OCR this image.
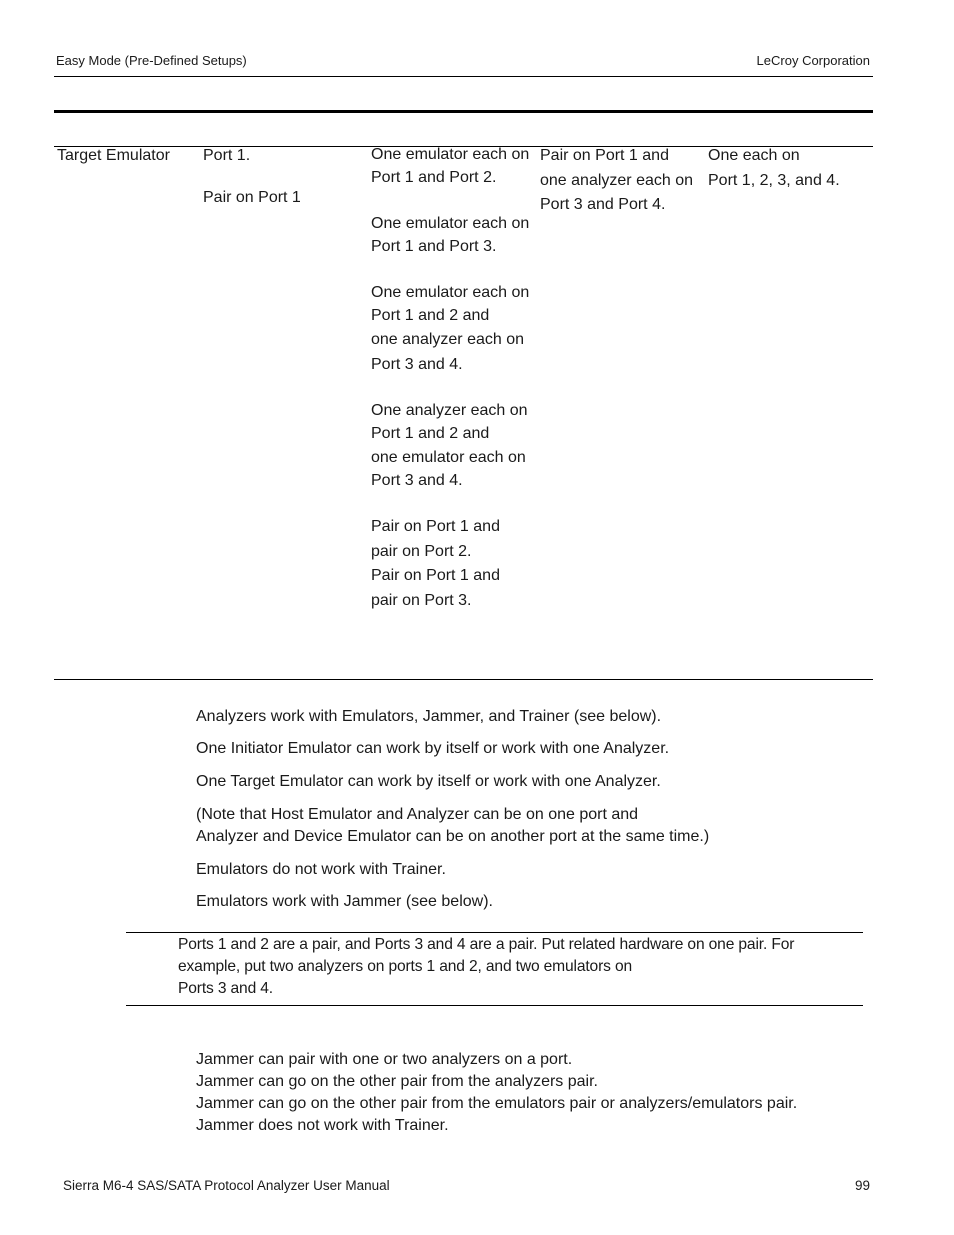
Easy Mode (Pre-Defined Setups)	LeCroy Corporation
Target Emulator Port 1.

Pair on Port 1

One emulator each on

Port 1 and Port 2.

One emulator each on

Port 1 and Port 3.

One emulator each on Port 1 and 2 and

one analyzer each on

Port 3 and 4.

One analyzer each on Port 1 and 2 and

one emulator each on Port 3 and 4.

Pair on Port 1 and

pair on Port 2.

Pair on Port 1 and

pair on Port 3.

Pair on Port 1 and

one analyzer each on

Port 3 and Port 4.

One each on

Port 1, 2, 3, and 4.

Analyzers work with Emulators, Jammer, and Trainer (see below).
One Initiator Emulator can work by itself or work with one Analyzer.
One Target Emulator can work by itself or work with one Analyzer.

(Note that Host Emulator and Analyzer can be on one port and

Analyzer and Device Emulator can be on another port at the same time.)

Emulators do not work with Trainer.
Emulators work with Jammer (see below).
Ports 1 and 2 are a pair, and Ports 3 and 4 are a pair. Put related hardware on one pair. For
example, put two analyzers on ports 1 and 2, and two emulators on
Ports 3 and 4.

Jammer can pair with one or two analyzers on a port.

Jammer can go on the other pair from the analyzers pair.

Jammer can go on the other pair from the emulators pair or analyzers/emulators pair.

Jammer does not work with Trainer.

Sierra M6-4 SAS/SATA Protocol Analyzer User Manual	99
